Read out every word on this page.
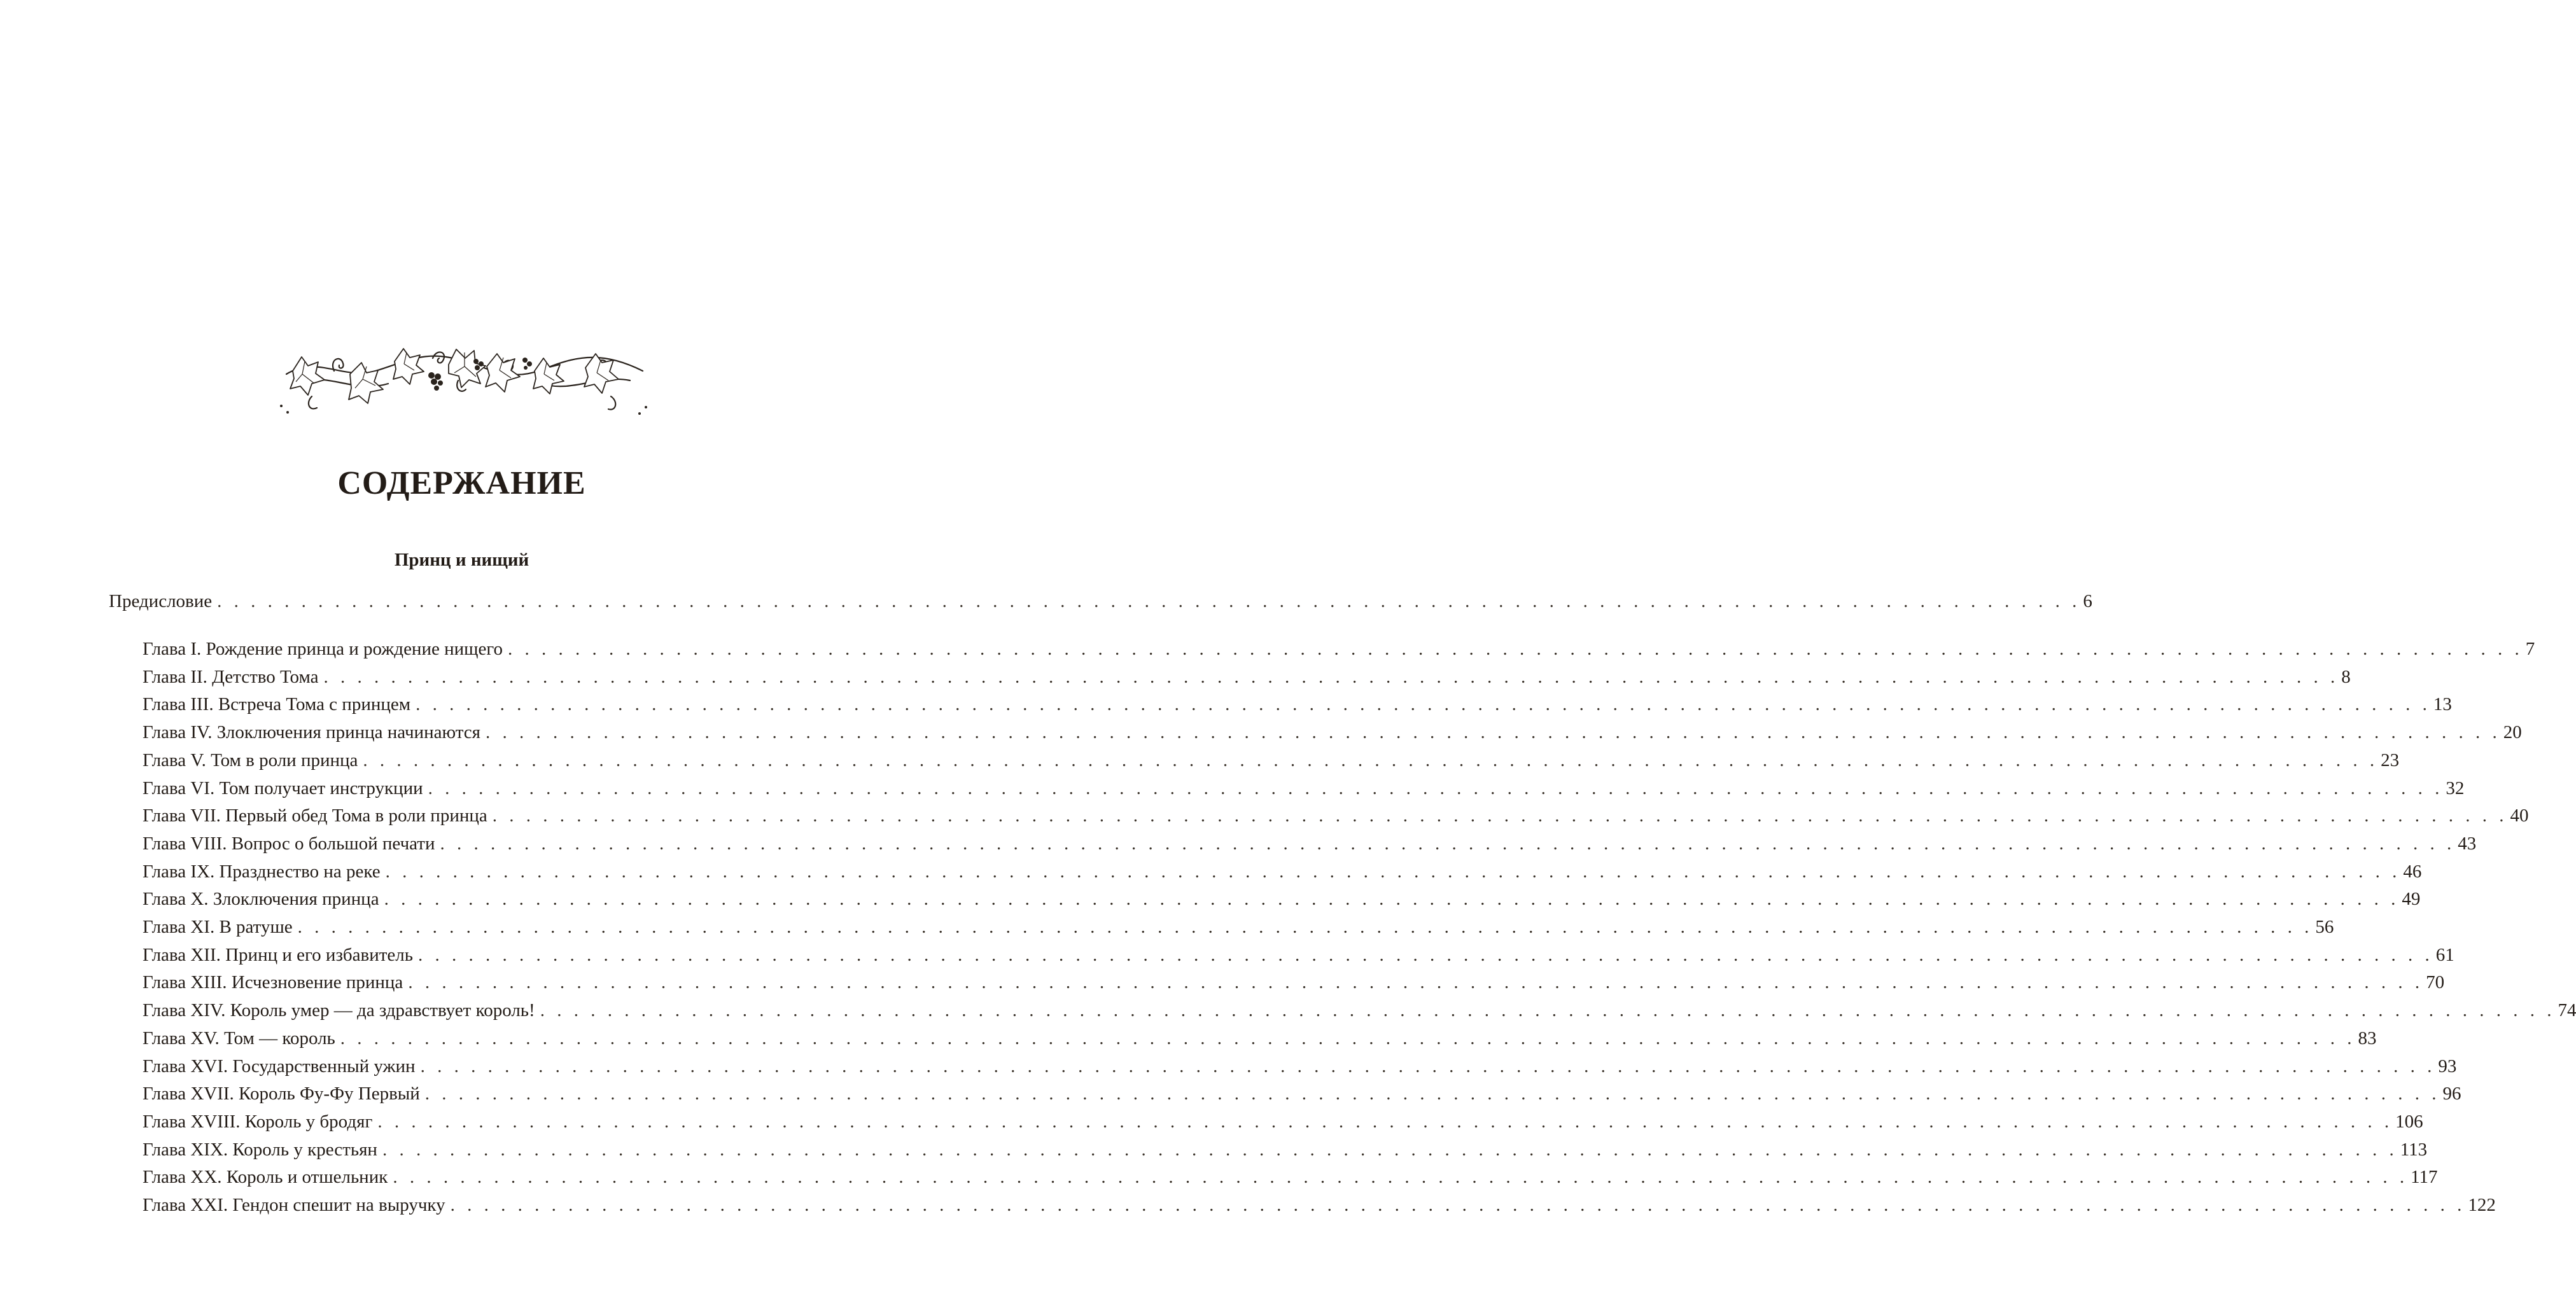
СОДЕРЖАНИЕ
Принц и нищий
Предисловие . . . . . . . . . . . . . . . . . . . . . . . . . . . . . . . . . . . . . . . . . . . . . . . . . . . . . . . . . . . . . . . . . . . . . . . . . . . . . . . . . . . . . . . . . . . . . . . . . . . . . . . . . . . . . . . 6
Глава I. Рождение принца и рождение нищего . . . . . . . . . . . . . . . . . . . . . . . . . . . . . . . . . . . . . . . . . . . . . . . . . . . . . . . . . . . . . . . . . . . . . . . . . . . . . . . . . . . . . . . . . . . . . . . . . . . . . . . . . . . . . . . . . . . . . . . . 7
Глава II. Детство Тома . . . . . . . . . . . . . . . . . . . . . . . . . . . . . . . . . . . . . . . . . . . . . . . . . . . . . . . . . . . . . . . . . . . . . . . . . . . . . . . . . . . . . . . . . . . . . . . . . . . . . . . . . . . . . . . . . . . . . . . . 8
Глава III. Встреча Тома с принцем . . . . . . . . . . . . . . . . . . . . . . . . . . . . . . . . . . . . . . . . . . . . . . . . . . . . . . . . . . . . . . . . . . . . . . . . . . . . . . . . . . . . . . . . . . . . . . . . . . . . . . . . . . . . . . . . . . . . . . . . 13
Глава IV. Злоключения принца начинаются . . . . . . . . . . . . . . . . . . . . . . . . . . . . . . . . . . . . . . . . . . . . . . . . . . . . . . . . . . . . . . . . . . . . . . . . . . . . . . . . . . . . . . . . . . . . . . . . . . . . . . . . . . . . . . . . . . . . . . . . 20
Глава V. Том в роли принца . . . . . . . . . . . . . . . . . . . . . . . . . . . . . . . . . . . . . . . . . . . . . . . . . . . . . . . . . . . . . . . . . . . . . . . . . . . . . . . . . . . . . . . . . . . . . . . . . . . . . . . . . . . . . . . . . . . . . . . . 23
Глава VI. Том получает инструкции . . . . . . . . . . . . . . . . . . . . . . . . . . . . . . . . . . . . . . . . . . . . . . . . . . . . . . . . . . . . . . . . . . . . . . . . . . . . . . . . . . . . . . . . . . . . . . . . . . . . . . . . . . . . . . . . . . . . . . . . 32
Глава VII. Первый обед Тома в роли принца . . . . . . . . . . . . . . . . . . . . . . . . . . . . . . . . . . . . . . . . . . . . . . . . . . . . . . . . . . . . . . . . . . . . . . . . . . . . . . . . . . . . . . . . . . . . . . . . . . . . . . . . . . . . . . . . . . . . . . . . 40
Глава VIII. Вопрос о большой печати . . . . . . . . . . . . . . . . . . . . . . . . . . . . . . . . . . . . . . . . . . . . . . . . . . . . . . . . . . . . . . . . . . . . . . . . . . . . . . . . . . . . . . . . . . . . . . . . . . . . . . . . . . . . . . . . . . . . . . . . 43
Глава IX. Празднество на реке . . . . . . . . . . . . . . . . . . . . . . . . . . . . . . . . . . . . . . . . . . . . . . . . . . . . . . . . . . . . . . . . . . . . . . . . . . . . . . . . . . . . . . . . . . . . . . . . . . . . . . . . . . . . . . . . . . . . . . . . 46
Глава X. Злоключения принца . . . . . . . . . . . . . . . . . . . . . . . . . . . . . . . . . . . . . . . . . . . . . . . . . . . . . . . . . . . . . . . . . . . . . . . . . . . . . . . . . . . . . . . . . . . . . . . . . . . . . . . . . . . . . . . . . . . . . . . . 49
Глава XI. В ратуше . . . . . . . . . . . . . . . . . . . . . . . . . . . . . . . . . . . . . . . . . . . . . . . . . . . . . . . . . . . . . . . . . . . . . . . . . . . . . . . . . . . . . . . . . . . . . . . . . . . . . . . . . . . . . . . . . . . . . . . . 56
Глава XII. Принц и его избавитель . . . . . . . . . . . . . . . . . . . . . . . . . . . . . . . . . . . . . . . . . . . . . . . . . . . . . . . . . . . . . . . . . . . . . . . . . . . . . . . . . . . . . . . . . . . . . . . . . . . . . . . . . . . . . . . . . . . . . . . . 61
Глава XIII. Исчезновение принца . . . . . . . . . . . . . . . . . . . . . . . . . . . . . . . . . . . . . . . . . . . . . . . . . . . . . . . . . . . . . . . . . . . . . . . . . . . . . . . . . . . . . . . . . . . . . . . . . . . . . . . . . . . . . . . . . . . . . . . . 70
Глава XIV. Король умер — да здравствует король! . . . . . . . . . . . . . . . . . . . . . . . . . . . . . . . . . . . . . . . . . . . . . . . . . . . . . . . . . . . . . . . . . . . . . . . . . . . . . . . . . . . . . . . . . . . . . . . . . . . . . . . . . . . . . . . . . . . . . . . . 74
Глава XV. Том — король . . . . . . . . . . . . . . . . . . . . . . . . . . . . . . . . . . . . . . . . . . . . . . . . . . . . . . . . . . . . . . . . . . . . . . . . . . . . . . . . . . . . . . . . . . . . . . . . . . . . . . . . . . . . . . . . . . . . . . . . 83
Глава XVI. Государственный ужин . . . . . . . . . . . . . . . . . . . . . . . . . . . . . . . . . . . . . . . . . . . . . . . . . . . . . . . . . . . . . . . . . . . . . . . . . . . . . . . . . . . . . . . . . . . . . . . . . . . . . . . . . . . . . . . . . . . . . . . . 93
Глава XVII. Король Фу-Фу Первый . . . . . . . . . . . . . . . . . . . . . . . . . . . . . . . . . . . . . . . . . . . . . . . . . . . . . . . . . . . . . . . . . . . . . . . . . . . . . . . . . . . . . . . . . . . . . . . . . . . . . . . . . . . . . . . . . . . . . . . . 96
Глава XVIII. Король у бродяг . . . . . . . . . . . . . . . . . . . . . . . . . . . . . . . . . . . . . . . . . . . . . . . . . . . . . . . . . . . . . . . . . . . . . . . . . . . . . . . . . . . . . . . . . . . . . . . . . . . . . . . . . . . . . . . . . . . . . . . . 106
Глава XIX. Король у крестьян . . . . . . . . . . . . . . . . . . . . . . . . . . . . . . . . . . . . . . . . . . . . . . . . . . . . . . . . . . . . . . . . . . . . . . . . . . . . . . . . . . . . . . . . . . . . . . . . . . . . . . . . . . . . . . . . . . . . . . . . 113
Глава XX. Король и отшельник . . . . . . . . . . . . . . . . . . . . . . . . . . . . . . . . . . . . . . . . . . . . . . . . . . . . . . . . . . . . . . . . . . . . . . . . . . . . . . . . . . . . . . . . . . . . . . . . . . . . . . . . . . . . . . . . . . . . . . . . 117
Глава XXI. Гендон спешит на выручку . . . . . . . . . . . . . . . . . . . . . . . . . . . . . . . . . . . . . . . . . . . . . . . . . . . . . . . . . . . . . . . . . . . . . . . . . . . . . . . . . . . . . . . . . . . . . . . . . . . . . . . . . . . . . . . . . . . . . . . . 122
